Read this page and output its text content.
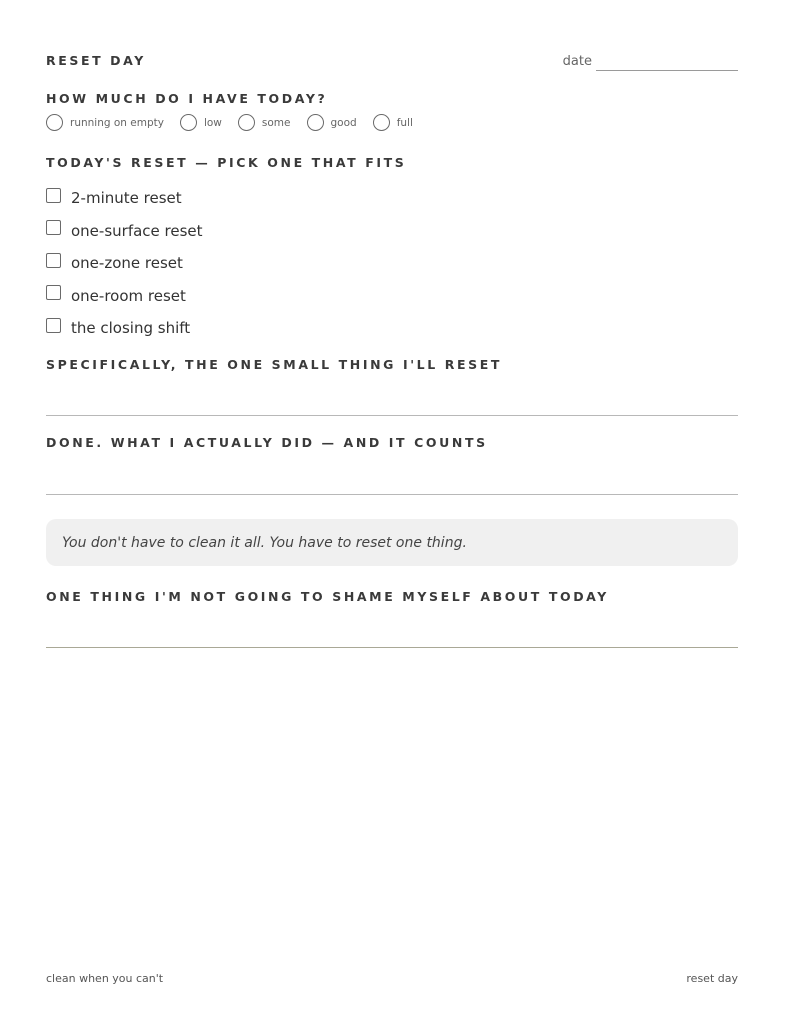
RESET DAY	date
HOW MUCH DO I HAVE TODAY?
running on empty	low	some	good	full
TODAY'S RESET — PICK ONE THAT FITS
2-minute reset
one-surface reset
one-zone reset
one-room reset
the closing shift
SPECIFICALLY, THE ONE SMALL THING I'LL RESET
DONE. WHAT I ACTUALLY DID — AND IT COUNTS
You don't have to clean it all. You have to reset one thing.
ONE THING I'M NOT GOING TO SHAME MYSELF ABOUT TODAY
clean when you can't	reset day
